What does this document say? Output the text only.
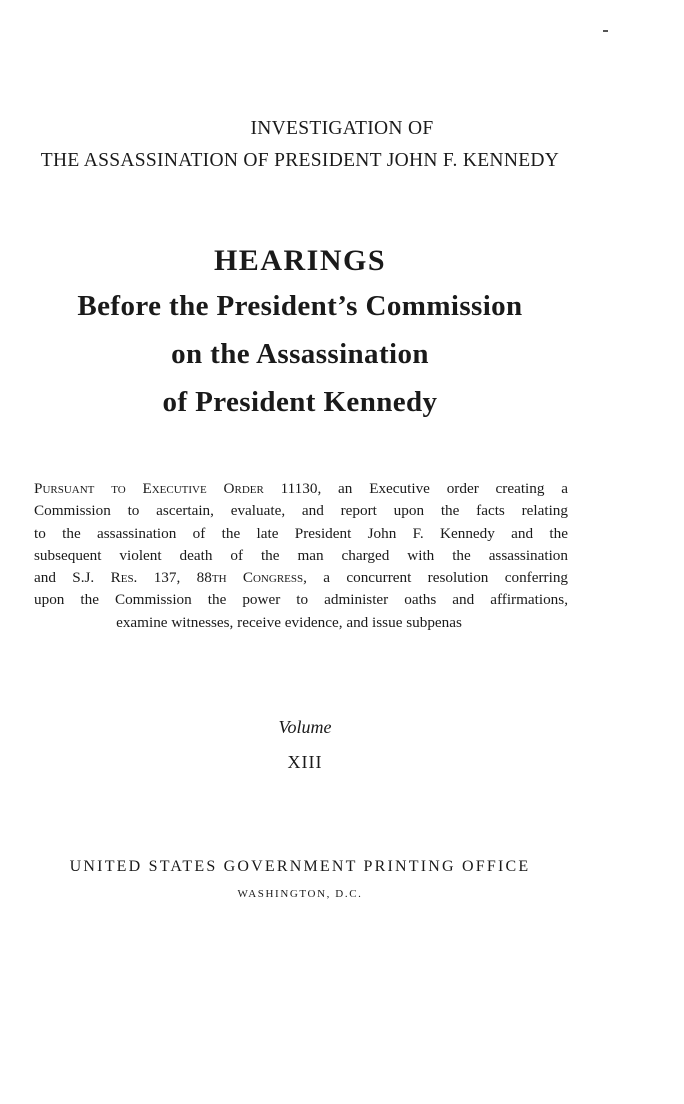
INVESTIGATION OF
THE ASSASSINATION OF PRESIDENT JOHN F. KENNEDY
HEARINGS
Before the President’s Commission
on the Assassination
of President Kennedy
Pursuant to Executive Order 11130, an Executive order creating a
Commission to ascertain, evaluate, and report upon the facts relating
to the assassination of the late President John F. Kennedy and the
subsequent violent death of the man charged with the assassination
and S.J. Res. 137, 88th Congress, a concurrent resolution conferring
upon the Commission the power to administer oaths and affirmations,
examine witnesses, receive evidence, and issue subpenas
Volume
XIII
UNITED STATES GOVERNMENT PRINTING OFFICE
WASHINGTON, D.C.
